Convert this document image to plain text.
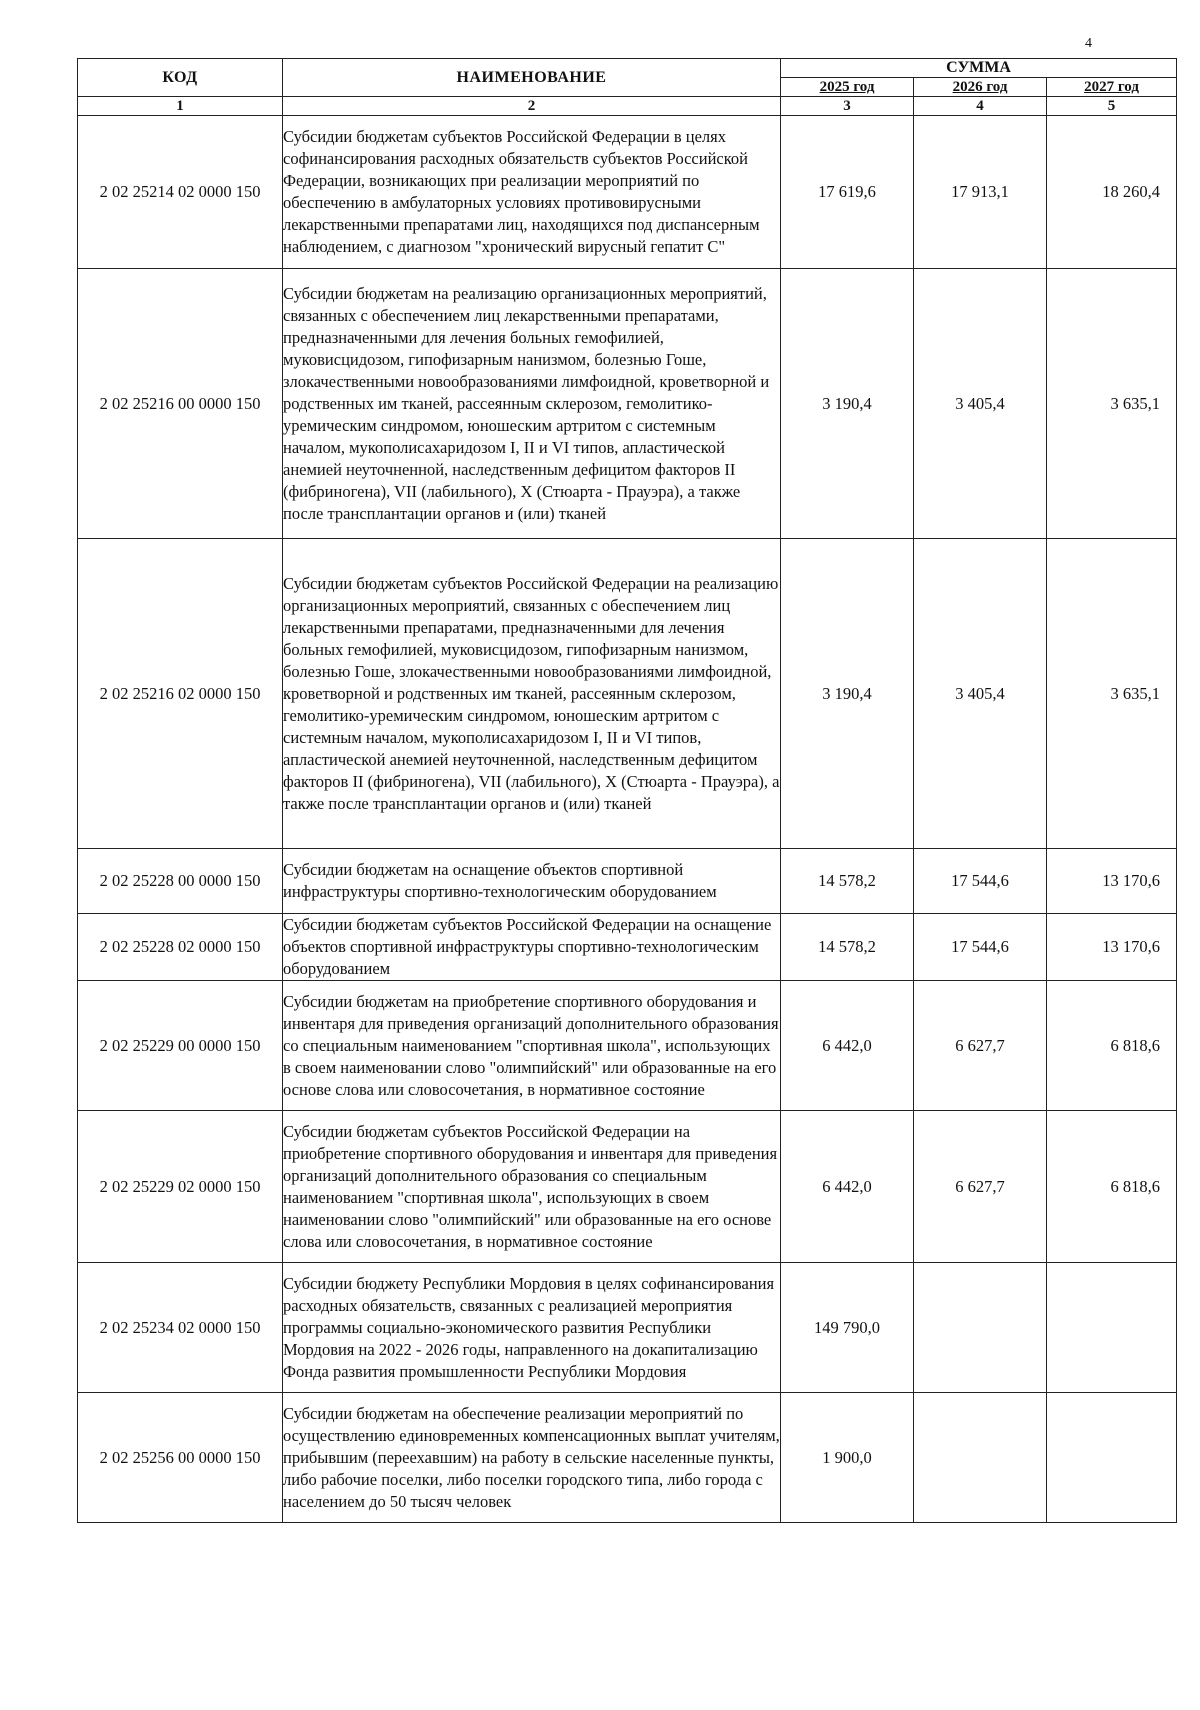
4
КОД	НАИМЕНОВАНИЕ	СУММА		
		2025 год	2026 год	2027 год
1	2	3	4	5
2 02 25214 02 0000 150	Субсидии бюджетам субъектов Российской Федерации в целях софинансирования расходных обязательств субъектов Российской Федерации, возникающих при реализации мероприятий по обеспечению в амбулаторных условиях противовирусными лекарственными препаратами лиц, находящихся под диспансерным наблюдением, с диагнозом "хронический вирусный гепатит С"	17 619,6	17 913,1	18 260,4
2 02 25216 00 0000 150	Субсидии бюджетам на реализацию организационных мероприятий, связанных с обеспечением лиц лекарственными препаратами, предназначенными для лечения больных гемофилией, муковисцидозом, гипофизарным нанизмом, болезнью Гоше, злокачественными новообразованиями лимфоидной, кроветворной и родственных им тканей, рассеянным склерозом, гемолитико-уремическим синдромом, юношеским артритом с системным началом, мукополисахаридозом I, II и VI типов, апластической анемией неуточненной, наследственным дефицитом факторов II (фибриногена), VII (лабильного), X (Стюарта - Прауэра), а также после трансплантации органов и (или) тканей	3 190,4	3 405,4	3 635,1
2 02 25216 02 0000 150	Субсидии бюджетам субъектов Российской Федерации на реализацию организационных мероприятий, связанных с обеспечением лиц лекарственными препаратами, предназначенными для лечения больных гемофилией, муковисцидозом, гипофизарным нанизмом, болезнью Гоше, злокачественными новообразованиями лимфоидной, кроветворной и родственных им тканей, рассеянным склерозом, гемолитико-уремическим синдромом, юношеским артритом с системным началом, мукополисахаридозом I, II и VI типов, апластической анемией неуточненной, наследственным дефицитом факторов II (фибриногена), VII (лабильного), X (Стюарта - Прауэра), а также после трансплантации органов и (или) тканей	3 190,4	3 405,4	3 635,1
2 02 25228 00 0000 150	Субсидии бюджетам на оснащение объектов спортивной инфраструктуры спортивно-технологическим оборудованием	14 578,2	17 544,6	13 170,6
2 02 25228 02 0000 150	Субсидии бюджетам субъектов Российской Федерации на оснащение объектов спортивной инфраструктуры спортивно-технологическим оборудованием	14 578,2	17 544,6	13 170,6
2 02 25229 00 0000 150	Субсидии бюджетам на приобретение спортивного оборудования и инвентаря для приведения организаций дополнительного образования со специальным наименованием "спортивная школа", использующих в своем наименовании слово "олимпийский" или образованные на его основе слова или словосочетания, в нормативное состояние	6 442,0	6 627,7	6 818,6
2 02 25229 02 0000 150	Субсидии бюджетам субъектов Российской Федерации на приобретение спортивного оборудования и инвентаря для приведения организаций дополнительного образования со специальным наименованием "спортивная школа", использующих в своем наименовании слово "олимпийский" или образованные на его основе слова или словосочетания, в нормативное состояние	6 442,0	6 627,7	6 818,6
2 02 25234 02 0000 150	Субсидии бюджету Республики Мордовия в целях софинансирования расходных обязательств, связанных с реализацией мероприятия программы социально-экономического развития Республики Мордовия на 2022 - 2026 годы, направленного на докапитализацию Фонда развития промышленности Республики Мордовия	149 790,0		
2 02 25256 00 0000 150	Субсидии бюджетам на обеспечение реализации мероприятий по осуществлению единовременных компенсационных выплат учителям, прибывшим (переехавшим) на работу в сельские населенные пункты, либо рабочие поселки, либо поселки городского типа, либо города с населением до 50 тысяч человек	1 900,0		
